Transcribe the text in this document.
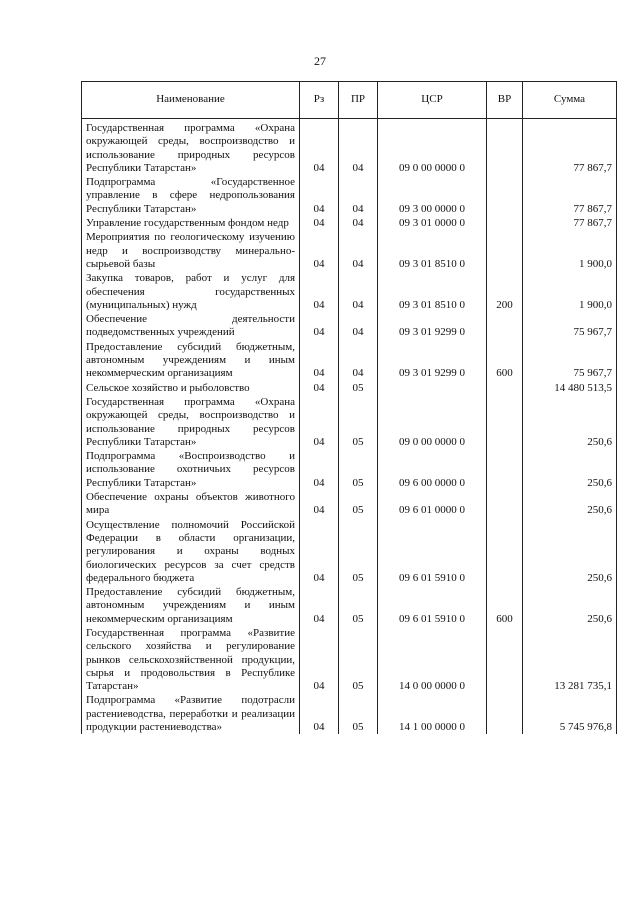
27
Наименование	Рз	ПР	ЦСР	ВР	Сумма
Государственная программа «Охрана окружающей среды, воспроизводство и использование природных ресурсов Республики Татарстан»	04	04	09 0 00 0000 0		77 867,7
Подпрограмма «Государственное управление в сфере недропользования Республики Татарстан»	04	04	09 3 00 0000 0		77 867,7
Управление государственным фондом недр	04	04	09 3 01 0000 0		77 867,7
Мероприятия по геологическому изучению недр и воспроизводству минерально-сырьевой базы	04	04	09 3 01 8510 0		1 900,0
Закупка товаров, работ и услуг для обеспечения государственных (муниципальных) нужд	04	04	09 3 01 8510 0	200	1 900,0
Обеспечение деятельности подведомственных учреждений	04	04	09 3 01 9299 0		75 967,7
Предоставление субсидий бюджетным, автономным учреждениям и иным некоммерческим организациям	04	04	09 3 01 9299 0	600	75 967,7
Сельское хозяйство и рыболовство	04	05			14 480 513,5
Государственная программа «Охрана окружающей среды, воспроизводство и использование природных ресурсов Республики Татарстан»	04	05	09 0 00 0000 0		250,6
Подпрограмма «Воспроизводство и использование охотничьих ресурсов Республики Татарстан»	04	05	09 6 00 0000 0		250,6
Обеспечение охраны объектов животного мира	04	05	09 6 01 0000 0		250,6
Осуществление полномочий Российской Федерации в области организации, регулирования и охраны водных биологических ресурсов за счет средств федерального бюджета	04	05	09 6 01 5910 0		250,6
Предоставление субсидий бюджетным, автономным учреждениям и иным некоммерческим организациям	04	05	09 6 01 5910 0	600	250,6
Государственная программа «Развитие сельского хозяйства и регулирование рынков сельскохозяйственной продукции, сырья и продовольствия в Республике Татарстан»	04	05	14 0 00 0000 0		13 281 735,1
Подпрограмма «Развитие подотрасли растениеводства, переработки и реализации продукции растениеводства»	04	05	14 1 00 0000 0		5 745 976,8
